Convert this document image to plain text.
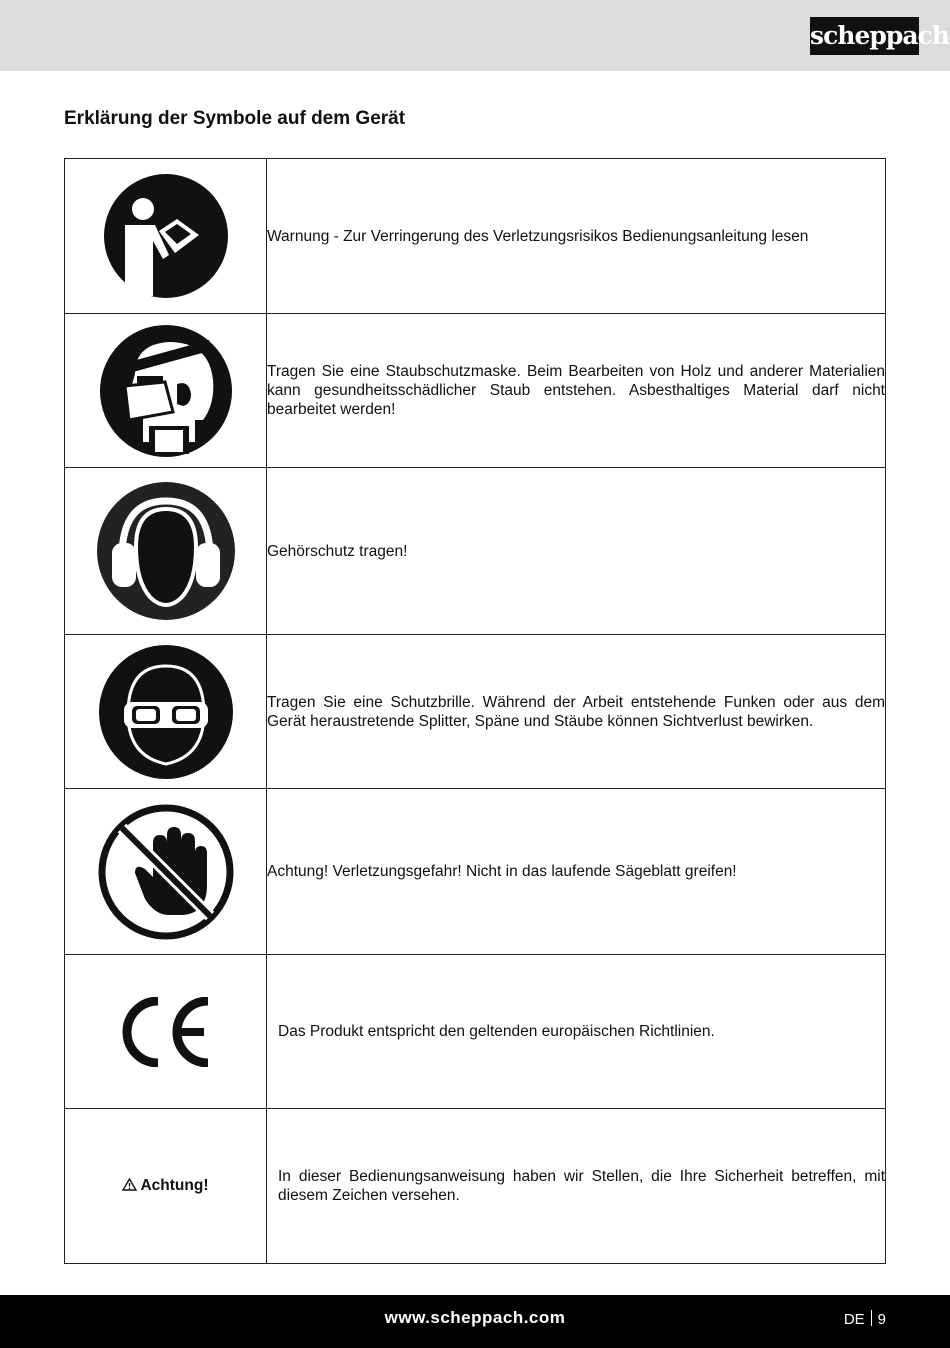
scheppach
Erklärung der Symbole auf dem Gerät
	Warnung - Zur Verringerung des Verletzungsrisikos Bedienungsanleitung lesen

	Tragen Sie eine Staubschutzmaske. Beim Bearbeiten von Holz und anderer Materialien kann gesundheitsschädlicher Staub entstehen. Asbesthaltiges Material darf nicht bearbeitet werden!

	Gehörschutz tragen!

	Tragen Sie eine Schutzbrille. Während der Arbeit entstehende Funken oder aus dem Gerät heraustretende Splitter, Späne und Stäube können Sichtverlust bewirken.

	Achtung! Verletzungsgefahr! Nicht in das laufende Sägeblatt greifen!

	Das Produkt entspricht den geltenden europäischen Richtlinien.
Achtung!	In dieser Bedienungsanweisung haben wir Stellen, die Ihre Sicherheit betreffen, mit diesem Zeichen versehen.
www.scheppach.com	DE 9
